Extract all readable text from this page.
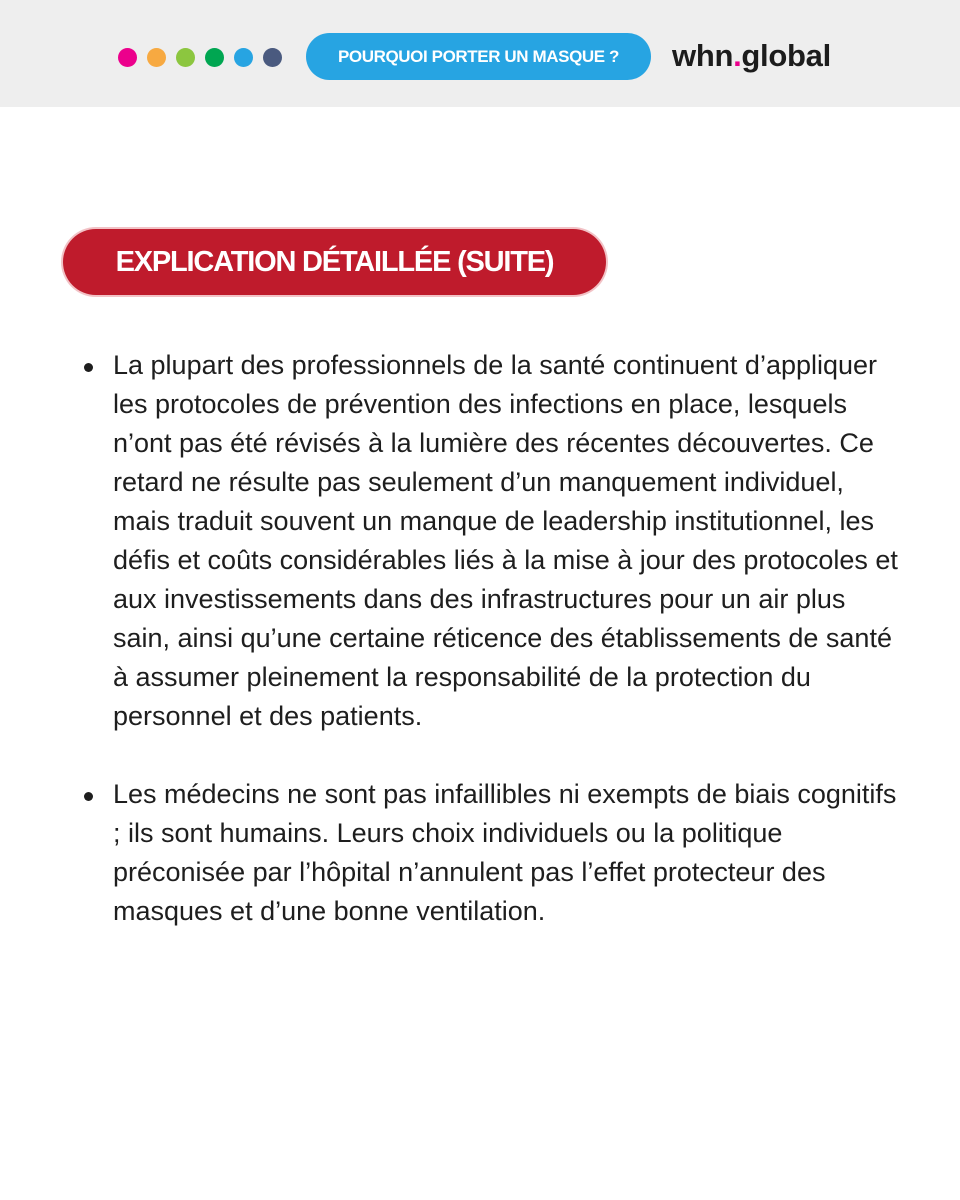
POURQUOI PORTER UN MASQUE ?	whn.global
EXPLICATION DÉTAILLÉE (SUITE)
La plupart des professionnels de la santé continuent d’appliquer les protocoles de prévention des infections en place, lesquels n’ont pas été révisés à la lumière des récentes découvertes. Ce retard ne résulte pas seulement d’un manquement individuel, mais traduit souvent un manque de leadership institutionnel, les défis et coûts considérables liés à la mise à jour des protocoles et aux investissements dans des infrastructures pour un air plus sain, ainsi qu’une certaine réticence des établissements de santé à assumer pleinement la responsabilité de la protection du personnel et des patients.
Les médecins ne sont pas infaillibles ni exempts de biais cognitifs ; ils sont humains. Leurs choix individuels ou la politique préconisée par l’hôpital n’annulent pas l’effet protecteur des masques et d’une bonne ventilation.
